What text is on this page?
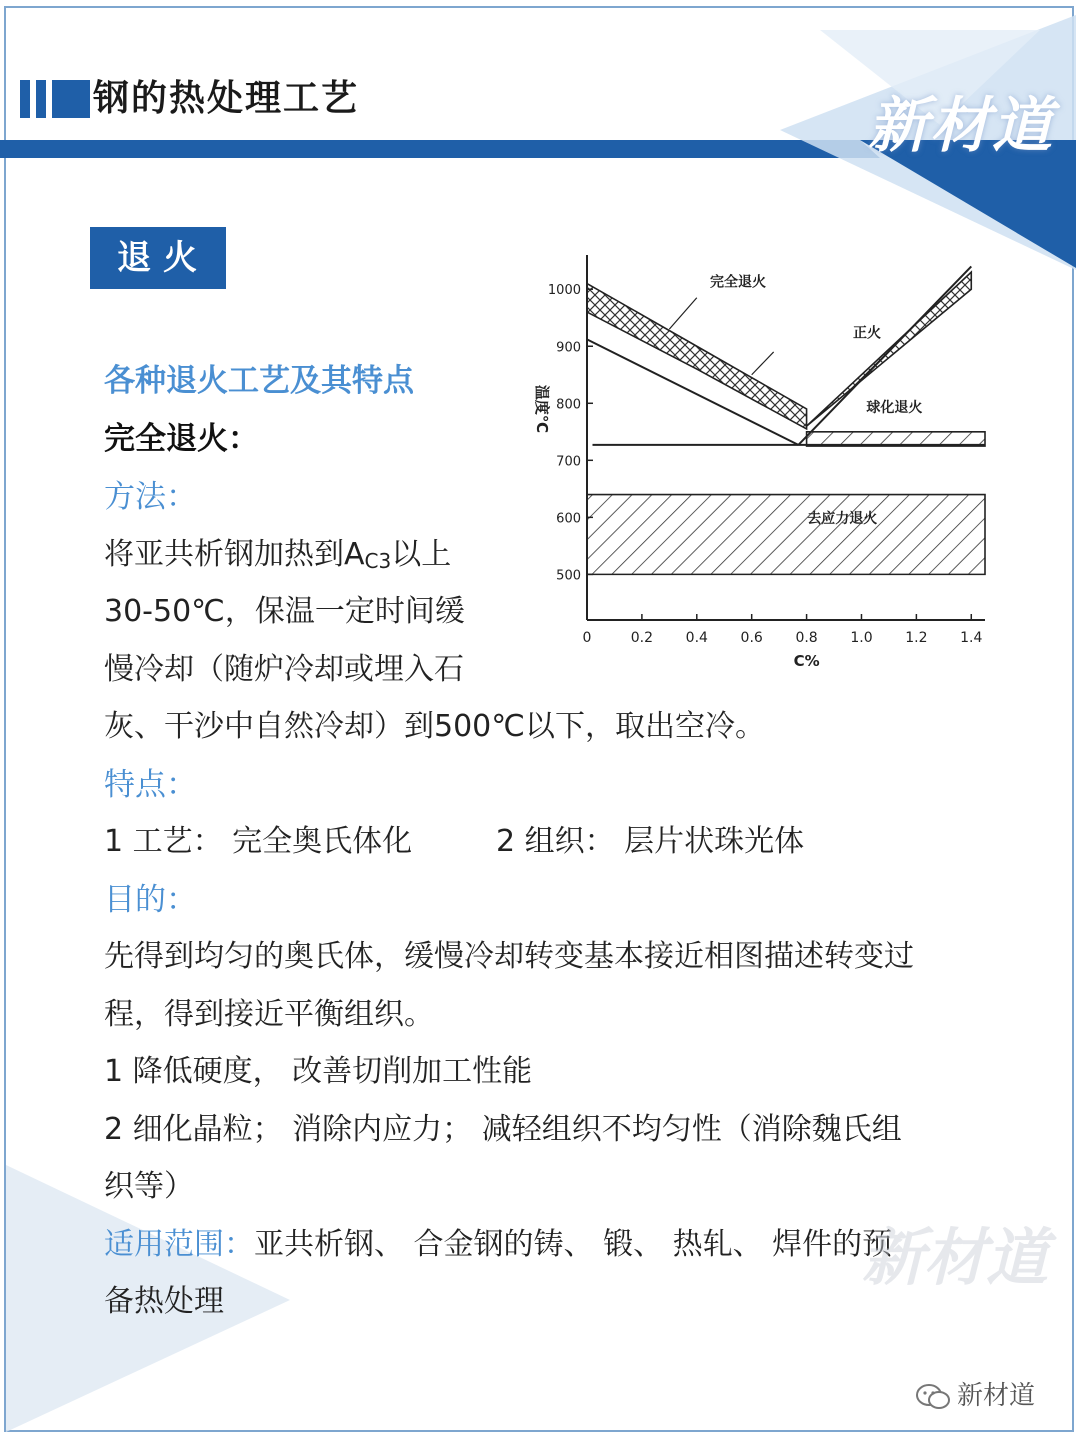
钢的热处理工艺	新材道
退火
各种退火工艺及其特点
完全退火：
方法：
将亚共析钢加热到$A_{C3}$以上
30-50℃，保温一定时间缓
慢冷却（随炉冷却或埋入石
灰、干沙中自然冷却）到500℃以下，取出空冷。
特点：
1 工艺： 完全奥氏体化	2 组织： 层片状珠光体
目的：
先得到均匀的奥氏体，缓慢冷却转变基本接近相图描述转变过
程，得到接近平衡组织。
1 降低硬度， 改善切削加工性能
2 细化晶粒； 消除内应力； 减轻组织不均匀性（消除魏氏组
织等）
适用范围：亚共析钢、 合金钢的铸、 锻、 热轧、 焊件的预
备热处理
新材道
完全退火
正火
球化退火
去应力退火
0	0.2 0.4 0.6 0.8 1.0 1.2 1.4
500
600
700
800
900
1000
C%
温度℃
新材道
